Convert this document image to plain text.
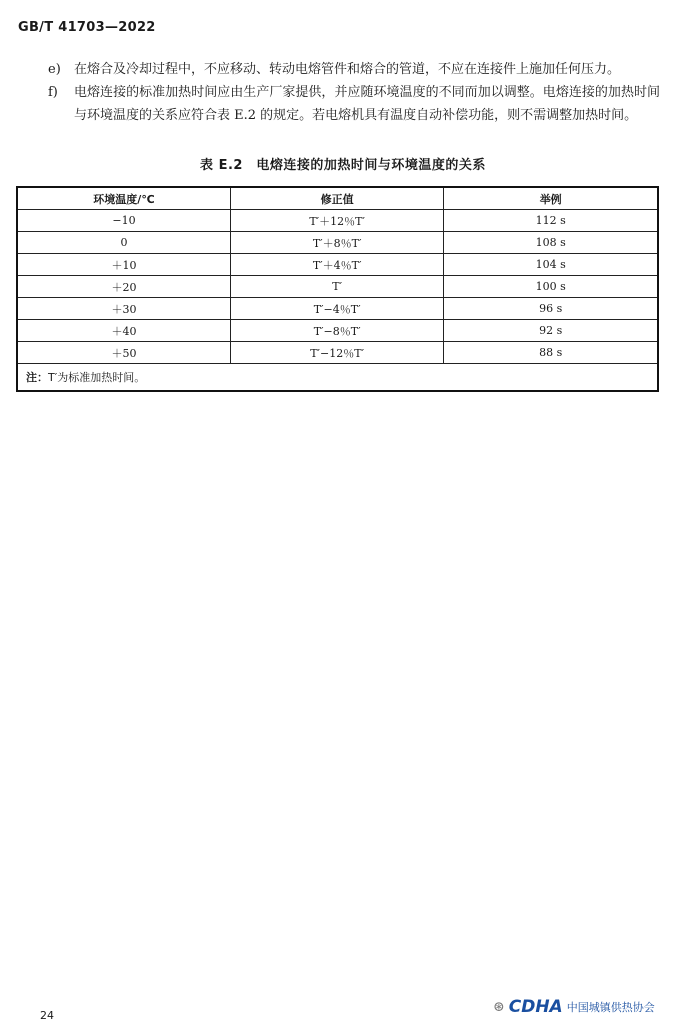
GB/T 41703—2022
e) 在熔合及冷却过程中，不应移动、转动电熔管件和熔合的管道，不应在连接件上施加任何压力。
f) 电熔连接的标准加热时间应由生产厂家提供，并应随环境温度的不同而加以调整。电熔连接的加热时间与环境温度的关系应符合表 E.2 的规定。若电熔机具有温度自动补偿功能，则不需调整加热时间。
表 E.2　电熔连接的加热时间与环境温度的关系
环境温度/℃	修正值	举例
−10	T′＋12％T′	112 s
0	T′＋8％T′	108 s
＋10	T′＋4％T′	104 s
＋20	T′	100 s
＋30	T′−4％T′	96 s
＋40	T′−8％T′	92 s
＋50	T′−12％T′	88 s
注：T′为标准加热时间。		
24
⊛ CDHA 中国城镇供热协会
